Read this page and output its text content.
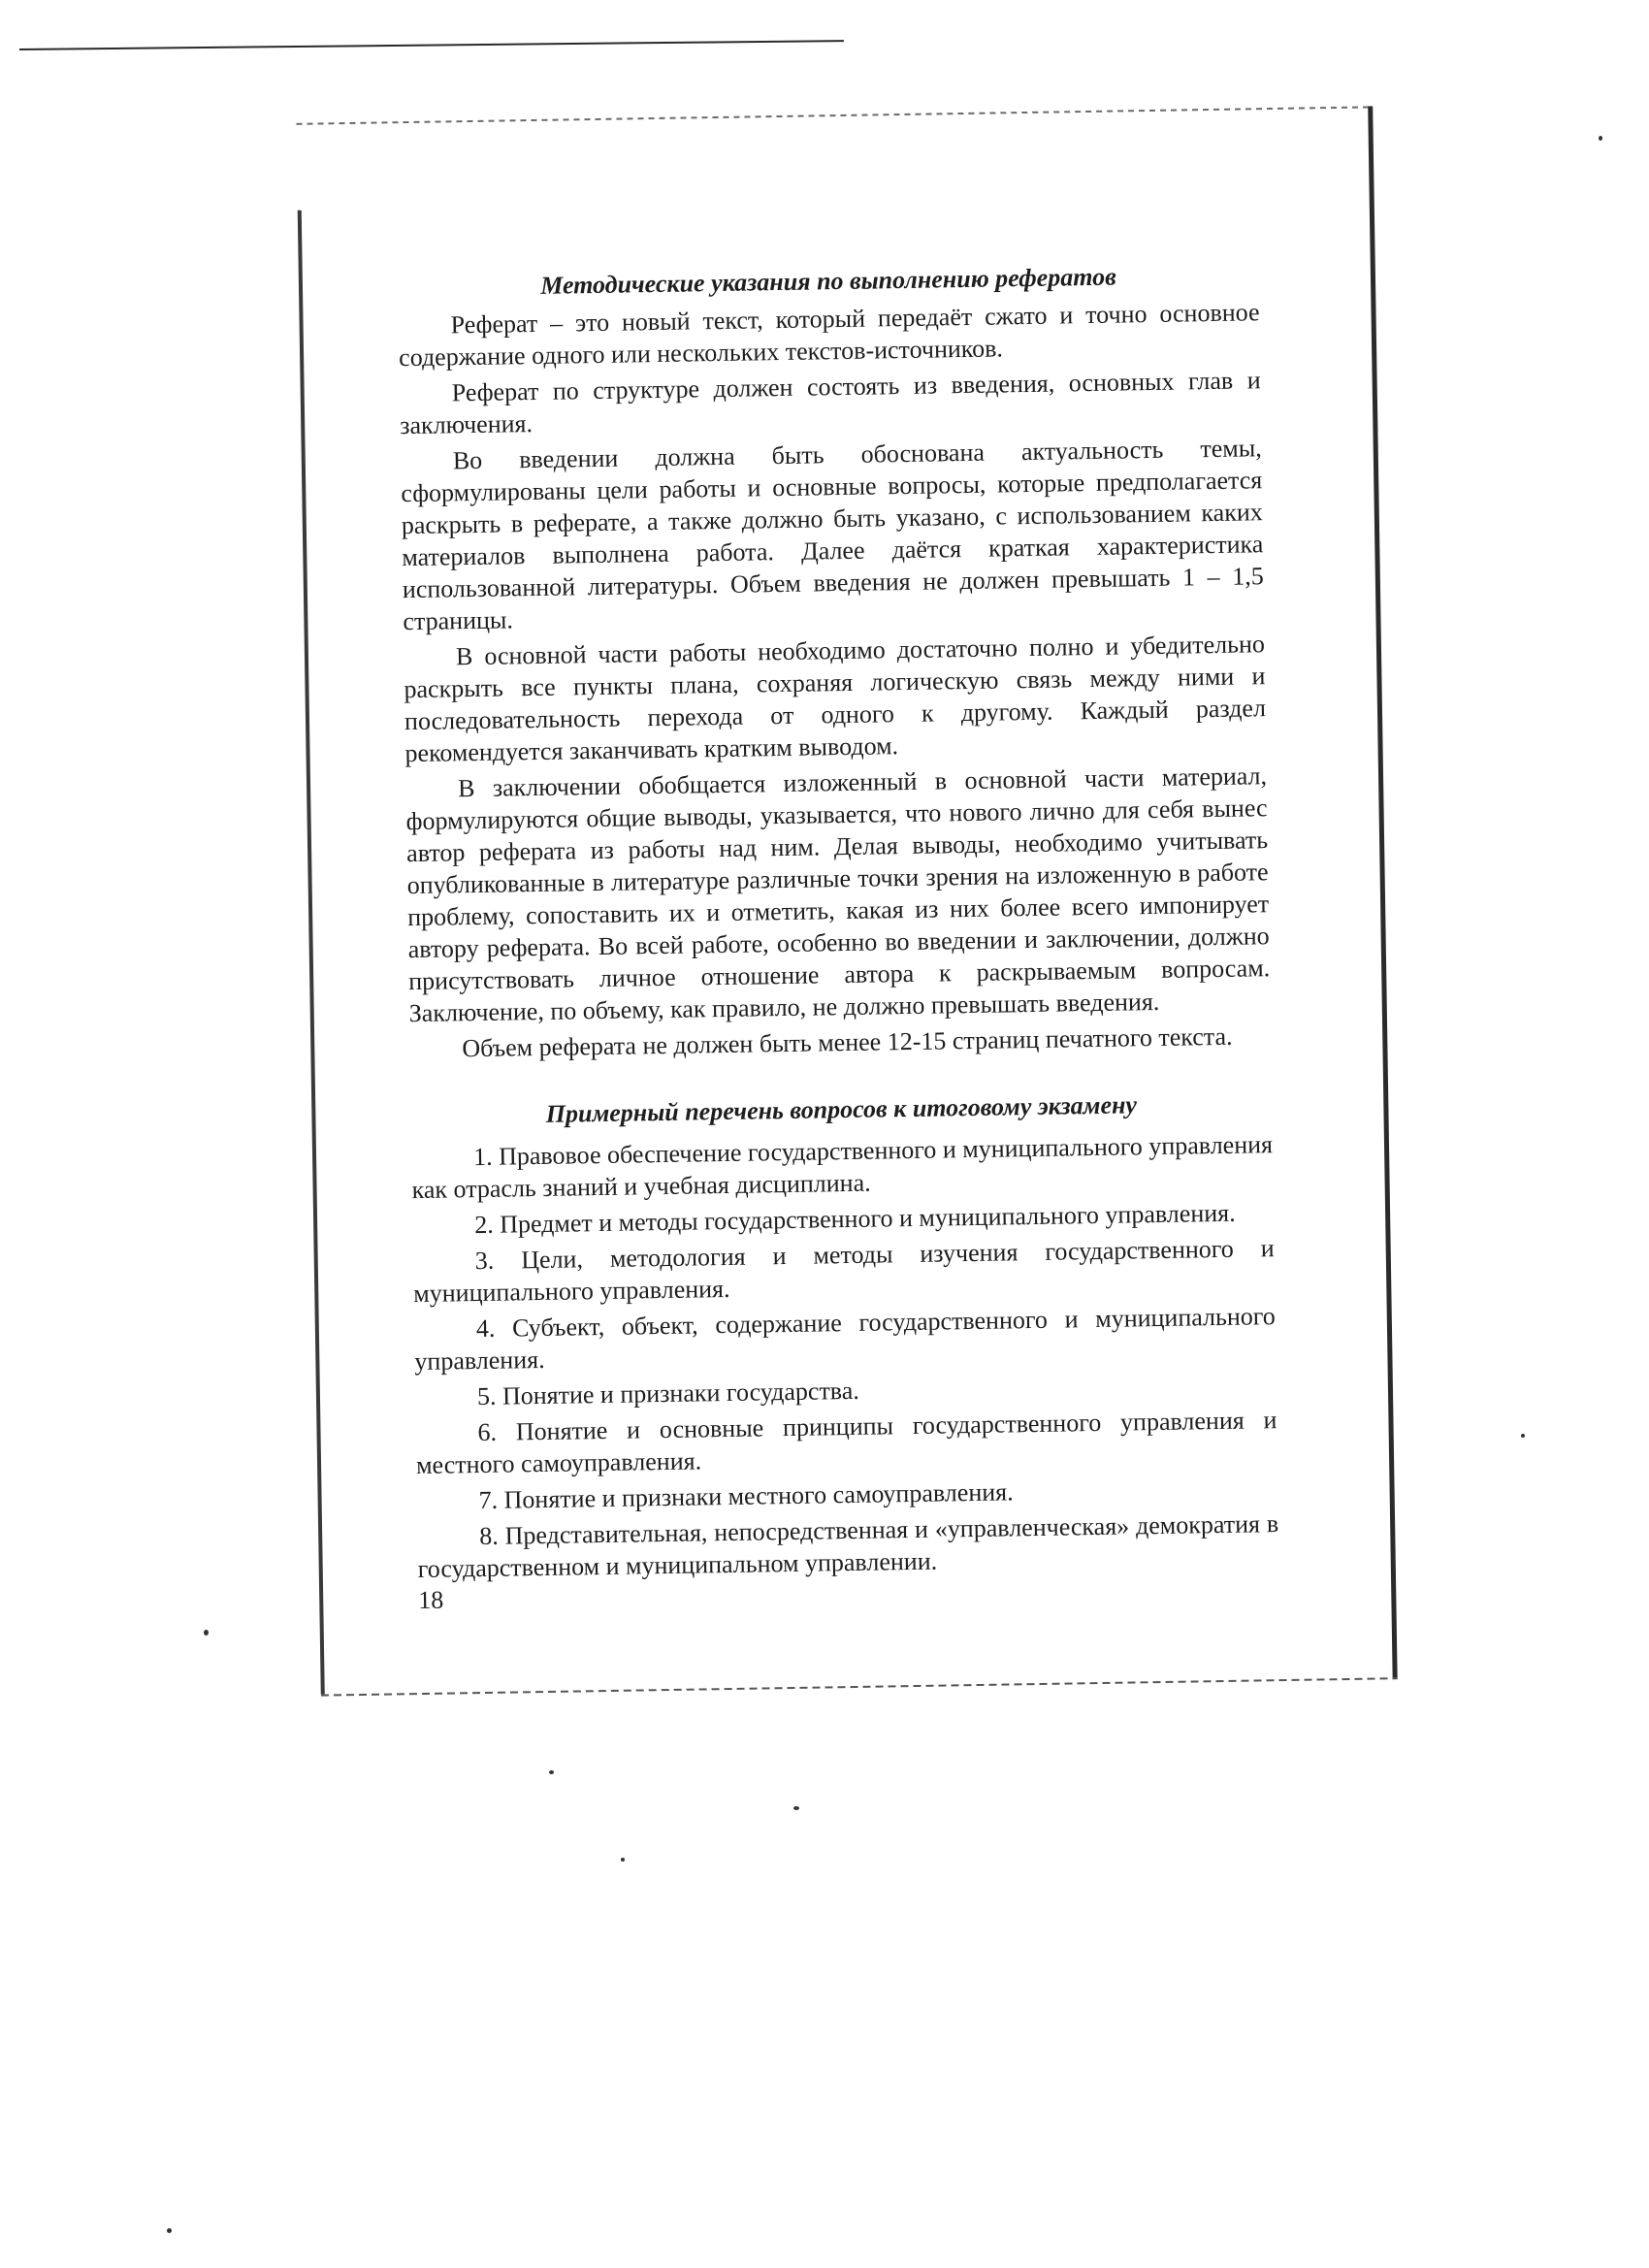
Методические указания по выполнению рефератов

Реферат – это новый текст, который передаёт сжато и точно основное содержание одного или нескольких текстов-источников.

Реферат по структуре должен состоять из введения, основных глав и заключения.

Во введении должна быть обоснована актуальность темы, сформулированы цели работы и основные вопросы, которые предполагается раскрыть в реферате, а также должно быть указано, с использованием каких материалов выполнена работа. Далее даётся краткая характеристика использованной литературы. Объем введения не должен превышать 1 – 1,5 страницы.

В основной части работы необходимо достаточно полно и убедительно раскрыть все пункты плана, сохраняя логическую связь между ними и последовательность перехода от одного к другому. Каждый раздел рекомендуется заканчивать кратким выводом.

В заключении обобщается изложенный в основной части материал, формулируются общие выводы, указывается, что нового лично для себя вынес автор реферата из работы над ним. Делая выводы, необходимо учитывать опубликованные в литературе различные точки зрения на изложенную в работе проблему, сопоставить их и отметить, какая из них более всего импонирует автору реферата. Во всей работе, особенно во введении и заключении, должно присутствовать личное отношение автора к раскрываемым вопросам. Заключение, по объему, как правило, не должно превышать введения.

Объем реферата не должен быть менее 12-15 страниц печатного текста.

Примерный перечень вопросов к итоговому экзамену

1. Правовое обеспечение государственного и муниципального управления как отрасль знаний и учебная дисциплина.

2. Предмет и методы государственного и муниципального управления.

3. Цели, методология и методы изучения государственного и муниципального управления.

4. Субъект, объект, содержание государственного и муниципального управления.

5. Понятие и признаки государства.

6. Понятие и основные принципы государственного управления и местного самоуправления.

7. Понятие и признаки местного самоуправления.

8. Представительная, непосредственная и «управленческая» демократия в государственном и муниципальном управлении.

18
